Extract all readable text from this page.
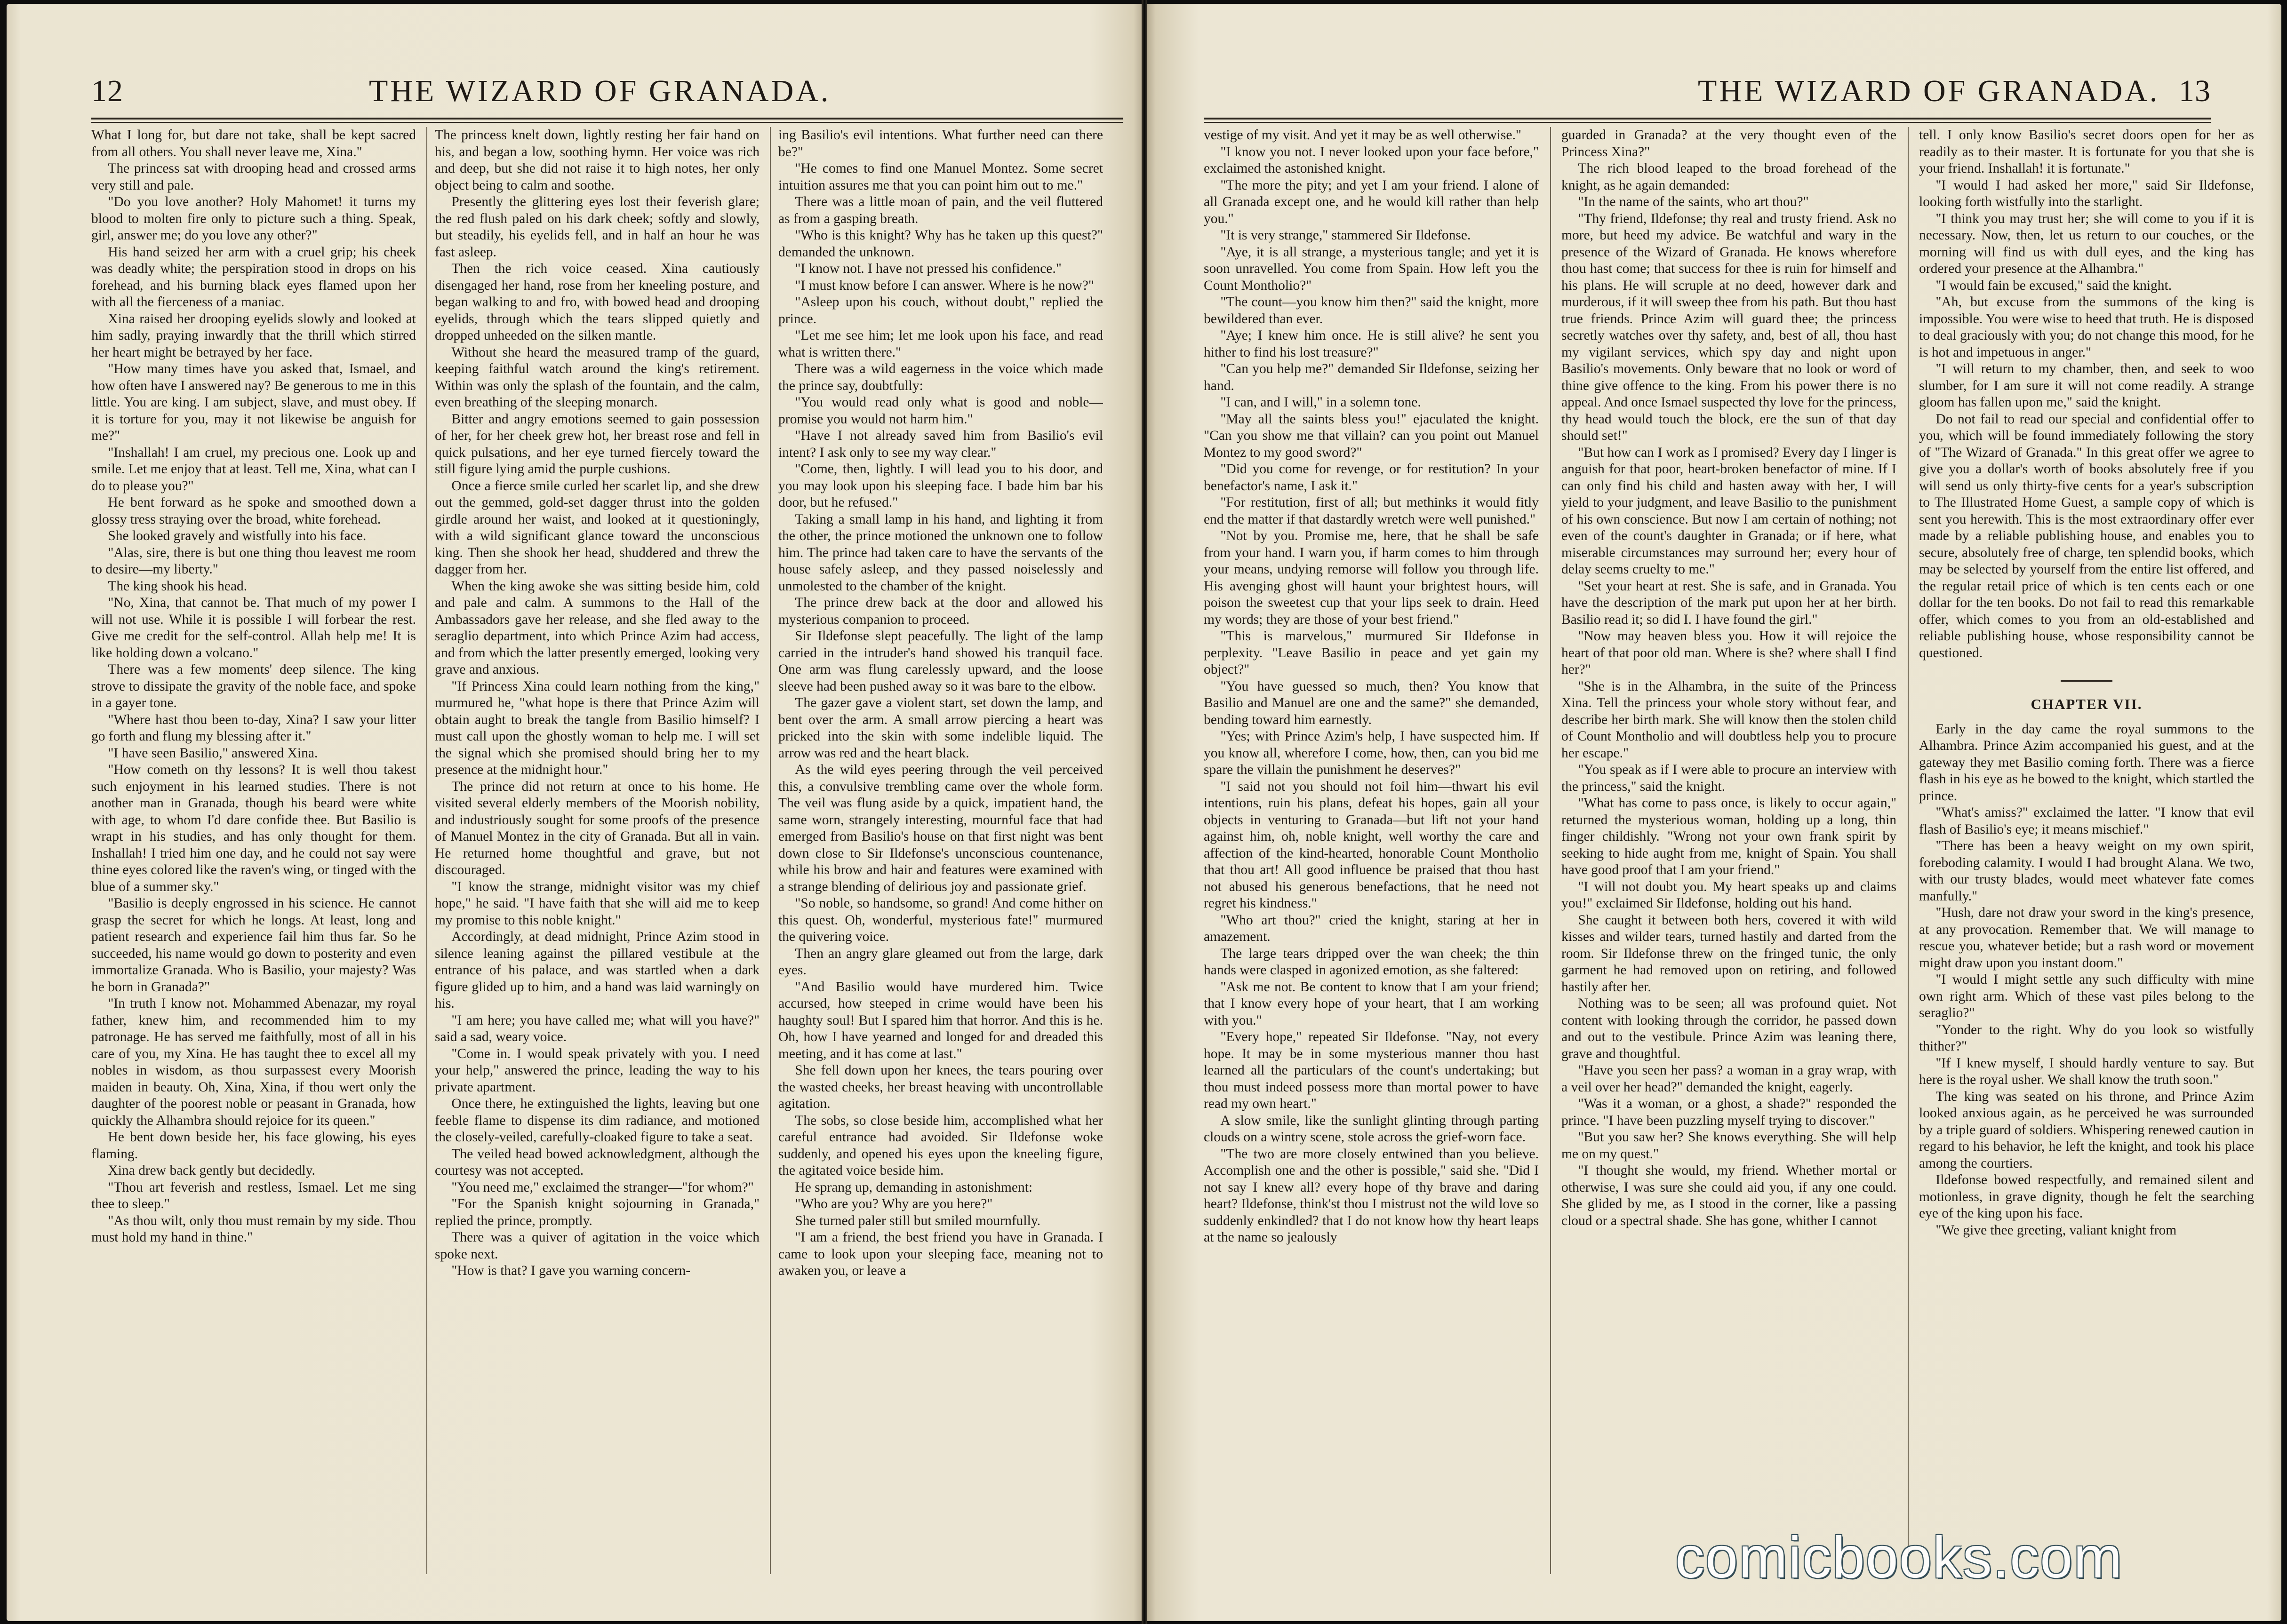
12	THE WIZARD OF GRANADA.

What I long for, but dare not take, shall be kept sacred from all others. You shall never leave me, Xina."

The princess sat with drooping head and crossed arms very still and pale.

"Do you love another? Holy Mahomet! it turns my blood to molten fire only to picture such a thing. Speak, girl, answer me; do you love any other?"

His hand seized her arm with a cruel grip; his cheek was deadly white; the perspiration stood in drops on his forehead, and his burning black eyes flamed upon her with all the fierceness of a maniac.

Xina raised her drooping eyelids slowly and looked at him sadly, praying inwardly that the thrill which stirred her heart might be betrayed by her face.

"How many times have you asked that, Ismael, and how often have I answered nay? Be generous to me in this little. You are king. I am subject, slave, and must obey. If it is torture for you, may it not likewise be anguish for me?"

"Inshallah! I am cruel, my precious one. Look up and smile. Let me enjoy that at least. Tell me, Xina, what can I do to please you?"

He bent forward as he spoke and smoothed down a glossy tress straying over the broad, white forehead.

She looked gravely and wistfully into his face.

"Alas, sire, there is but one thing thou leavest me room to desire—my liberty."

The king shook his head.

"No, Xina, that cannot be. That much of my power I will not use. While it is possible I will forbear the rest. Give me credit for the self-control. Allah help me! It is like holding down a volcano."

There was a few moments' deep silence. The king strove to dissipate the gravity of the noble face, and spoke in a gayer tone.

"Where hast thou been to-day, Xina? I saw your litter go forth and flung my blessing after it."

"I have seen Basilio," answered Xina.

"How cometh on thy lessons? It is well thou takest such enjoyment in his learned studies. There is not another man in Granada, though his beard were white with age, to whom I'd dare confide thee. But Basilio is wrapt in his studies, and has only thought for them. Inshallah! I tried him one day, and he could not say were thine eyes colored like the raven's wing, or tinged with the blue of a summer sky."

"Basilio is deeply engrossed in his science. He cannot grasp the secret for which he longs. At least, long and patient research and experience fail him thus far. So he succeeded, his name would go down to posterity and even immortalize Granada. Who is Basilio, your majesty? Was he born in Granada?"

"In truth I know not. Mohammed Abenazar, my royal father, knew him, and recommended him to my patronage. He has served me faithfully, most of all in his care of you, my Xina. He has taught thee to excel all my nobles in wisdom, as thou surpassest every Moorish maiden in beauty. Oh, Xina, Xina, if thou wert only the daughter of the poorest noble or peasant in Granada, how quickly the Alhambra should rejoice for its queen."

He bent down beside her, his face glowing, his eyes flaming.

Xina drew back gently but decidedly.

"Thou art feverish and restless, Ismael. Let me sing thee to sleep."

"As thou wilt, only thou must remain by my side. Thou must hold my hand in thine."

The princess knelt down, lightly resting her fair hand on his, and began a low, soothing hymn. Her voice was rich and deep, but she did not raise it to high notes, her only object being to calm and soothe.

Presently the glittering eyes lost their feverish glare; the red flush paled on his dark cheek; softly and slowly, but steadily, his eyelids fell, and in half an hour he was fast asleep.

Then the rich voice ceased. Xina cautiously disengaged her hand, rose from her kneeling posture, and began walking to and fro, with bowed head and drooping eyelids, through which the tears slipped quietly and dropped unheeded on the silken mantle.

Without she heard the measured tramp of the guard, keeping faithful watch around the king's retirement. Within was only the splash of the fountain, and the calm, even breathing of the sleeping monarch.

Bitter and angry emotions seemed to gain possession of her, for her cheek grew hot, her breast rose and fell in quick pulsations, and her eye turned fiercely toward the still figure lying amid the purple cushions.

Once a fierce smile curled her scarlet lip, and she drew out the gemmed, gold-set dagger thrust into the golden girdle around her waist, and looked at it questioningly, with a wild significant glance toward the unconscious king. Then she shook her head, shuddered and threw the dagger from her.

When the king awoke she was sitting beside him, cold and pale and calm. A summons to the Hall of the Ambassadors gave her release, and she fled away to the seraglio department, into which Prince Azim had access, and from which the latter presently emerged, looking very grave and anxious.

"If Princess Xina could learn nothing from the king," murmured he, "what hope is there that Prince Azim will obtain aught to break the tangle from Basilio himself? I must call upon the ghostly woman to help me. I will set the signal which she promised should bring her to my presence at the midnight hour."

The prince did not return at once to his home. He visited several elderly members of the Moorish nobility, and industriously sought for some proofs of the presence of Manuel Montez in the city of Granada. But all in vain. He returned home thoughtful and grave, but not discouraged.

"I know the strange, midnight visitor was my chief hope," he said. "I have faith that she will aid me to keep my promise to this noble knight."

Accordingly, at dead midnight, Prince Azim stood in silence leaning against the pillared vestibule at the entrance of his palace, and was startled when a dark figure glided up to him, and a hand was laid warningly on his.

"I am here; you have called me; what will you have?" said a sad, weary voice.

"Come in. I would speak privately with you. I need your help," answered the prince, leading the way to his private apartment.

Once there, he extinguished the lights, leaving but one feeble flame to dispense its dim radiance, and motioned the closely-veiled, carefully-cloaked figure to take a seat.

The veiled head bowed acknowledgment, although the courtesy was not accepted.

"You need me," exclaimed the stranger—"for whom?"

"For the Spanish knight sojourning in Granada," replied the prince, promptly.

There was a quiver of agitation in the voice which spoke next.

"How is that? I gave you warning concern-

ing Basilio's evil intentions. What further need can there be?"

"He comes to find one Manuel Montez. Some secret intuition assures me that you can point him out to me."

There was a little moan of pain, and the veil fluttered as from a gasping breath.

"Who is this knight? Why has he taken up this quest?" demanded the unknown.

"I know not. I have not pressed his confidence."

"I must know before I can answer. Where is he now?"

"Asleep upon his couch, without doubt," replied the prince.

"Let me see him; let me look upon his face, and read what is written there."

There was a wild eagerness in the voice which made the prince say, doubtfully:

"You would read only what is good and noble—promise you would not harm him."

"Have I not already saved him from Basilio's evil intent? I ask only to see my way clear."

"Come, then, lightly. I will lead you to his door, and you may look upon his sleeping face. I bade him bar his door, but he refused."

Taking a small lamp in his hand, and lighting it from the other, the prince motioned the unknown one to follow him. The prince had taken care to have the servants of the house safely asleep, and they passed noiselessly and unmolested to the chamber of the knight.

The prince drew back at the door and allowed his mysterious companion to proceed.

Sir Ildefonse slept peacefully. The light of the lamp carried in the intruder's hand showed his tranquil face. One arm was flung carelessly upward, and the loose sleeve had been pushed away so it was bare to the elbow.

The gazer gave a violent start, set down the lamp, and bent over the arm. A small arrow piercing a heart was pricked into the skin with some indelible liquid. The arrow was red and the heart black.

As the wild eyes peering through the veil perceived this, a convulsive trembling came over the whole form. The veil was flung aside by a quick, impatient hand, the same worn, strangely interesting, mournful face that had emerged from Basilio's house on that first night was bent down close to Sir Ildefonse's unconscious countenance, while his brow and hair and features were examined with a strange blending of delirious joy and passionate grief.

"So noble, so handsome, so grand! And come hither on this quest. Oh, wonderful, mysterious fate!" murmured the quivering voice.

Then an angry glare gleamed out from the large, dark eyes.

"And Basilio would have murdered him. Twice accursed, how steeped in crime would have been his haughty soul! But I spared him that horror. And this is he. Oh, how I have yearned and longed for and dreaded this meeting, and it has come at last."

She fell down upon her knees, the tears pouring over the wasted cheeks, her breast heaving with uncontrollable agitation.

The sobs, so close beside him, accomplished what her careful entrance had avoided. Sir Ildefonse woke suddenly, and opened his eyes upon the kneeling figure, the agitated voice beside him.

He sprang up, demanding in astonishment:

"Who are you? Why are you here?"

She turned paler still but smiled mournfully.

"I am a friend, the best friend you have in Granada. I came to look upon your sleeping face, meaning not to awaken you, or leave a

THE WIZARD OF GRANADA. 13

vestige of my visit. And yet it may be as well otherwise."

"I know you not. I never looked upon your face before," exclaimed the astonished knight.

"The more the pity; and yet I am your friend. I alone of all Granada except one, and he would kill rather than help you."

"It is very strange," stammered Sir Ildefonse.

"Aye, it is all strange, a mysterious tangle; and yet it is soon unravelled. You come from Spain. How left you the Count Montholio?"

"The count—you know him then?" said the knight, more bewildered than ever.

"Aye; I knew him once. He is still alive? he sent you hither to find his lost treasure?"

"Can you help me?" demanded Sir Ildefonse, seizing her hand.

"I can, and I will," in a solemn tone.

"May all the saints bless you!" ejaculated the knight. "Can you show me that villain? can you point out Manuel Montez to my good sword?"

"Did you come for revenge, or for restitution? In your benefactor's name, I ask it."

"For restitution, first of all; but methinks it would fitly end the matter if that dastardly wretch were well punished."

"Not by you. Promise me, here, that he shall be safe from your hand. I warn you, if harm comes to him through your means, undying remorse will follow you through life. His avenging ghost will haunt your brightest hours, will poison the sweetest cup that your lips seek to drain. Heed my words; they are those of your best friend."

"This is marvelous," murmured Sir Ildefonse in perplexity. "Leave Basilio in peace and yet gain my object?"

"You have guessed so much, then? You know that Basilio and Manuel are one and the same?" she demanded, bending toward him earnestly.

"Yes; with Prince Azim's help, I have suspected him. If you know all, wherefore I come, how, then, can you bid me spare the villain the punishment he deserves?"

"I said not you should not foil him—thwart his evil intentions, ruin his plans, defeat his hopes, gain all your objects in venturing to Granada—but lift not your hand against him, oh, noble knight, well worthy the care and affection of the kind-hearted, honorable Count Montholio that thou art! All good influence be praised that thou hast not abused his generous benefactions, that he need not regret his kindness."

"Who art thou?" cried the knight, staring at her in amazement.

The large tears dripped over the wan cheek; the thin hands were clasped in agonized emotion, as she faltered:

"Ask me not. Be content to know that I am your friend; that I know every hope of your heart, that I am working with you."

"Every hope," repeated Sir Ildefonse. "Nay, not every hope. It may be in some mysterious manner thou hast learned all the particulars of the count's undertaking; but thou must indeed possess more than mortal power to have read my own heart."

A slow smile, like the sunlight glinting through parting clouds on a wintry scene, stole across the grief-worn face.

"The two are more closely entwined than you believe. Accomplish one and the other is possible," said she. "Did I not say I knew all? every hope of thy brave and daring heart? Ildefonse, think'st thou I mistrust not the wild love so suddenly enkindled? that I do not know how thy heart leaps at the name so jealously

guarded in Granada? at the very thought even of the Princess Xina?"

The rich blood leaped to the broad forehead of the knight, as he again demanded:

"In the name of the saints, who art thou?"

"Thy friend, Ildefonse; thy real and trusty friend. Ask no more, but heed my advice. Be watchful and wary in the presence of the Wizard of Granada. He knows wherefore thou hast come; that success for thee is ruin for himself and his plans. He will scruple at no deed, however dark and murderous, if it will sweep thee from his path. But thou hast true friends. Prince Azim will guard thee; the princess secretly watches over thy safety, and, best of all, thou hast my vigilant services, which spy day and night upon Basilio's movements. Only beware that no look or word of thine give offence to the king. From his power there is no appeal. And once Ismael suspected thy love for the princess, thy head would touch the block, ere the sun of that day should set!"

"But how can I work as I promised? Every day I linger is anguish for that poor, heart-broken benefactor of mine. If I can only find his child and hasten away with her, I will yield to your judgment, and leave Basilio to the punishment of his own conscience. But now I am certain of nothing; not even of the count's daughter in Granada; or if here, what miserable circumstances may surround her; every hour of delay seems cruelty to me."

"Set your heart at rest. She is safe, and in Granada. You have the description of the mark put upon her at her birth. Basilio read it; so did I. I have found the girl."

"Now may heaven bless you. How it will rejoice the heart of that poor old man. Where is she? where shall I find her?"

"She is in the Alhambra, in the suite of the Princess Xina. Tell the princess your whole story without fear, and describe her birth mark. She will know then the stolen child of Count Montholio and will doubtless help you to procure her escape."

"You speak as if I were able to procure an interview with the princess," said the knight.

"What has come to pass once, is likely to occur again," returned the mysterious woman, holding up a long, thin finger childishly. "Wrong not your own frank spirit by seeking to hide aught from me, knight of Spain. You shall have good proof that I am your friend."

"I will not doubt you. My heart speaks up and claims you!" exclaimed Sir Ildefonse, holding out his hand.

She caught it between both hers, covered it with wild kisses and wilder tears, turned hastily and darted from the room. Sir Ildefonse threw on the fringed tunic, the only garment he had removed upon on retiring, and followed hastily after her.

Nothing was to be seen; all was profound quiet. Not content with looking through the corridor, he passed down and out to the vestibule. Prince Azim was leaning there, grave and thoughtful.

"Have you seen her pass? a woman in a gray wrap, with a veil over her head?" demanded the knight, eagerly.

"Was it a woman, or a ghost, a shade?" responded the prince. "I have been puzzling myself trying to discover."

"But you saw her? She knows everything. She will help me on my quest."

"I thought she would, my friend. Whether mortal or otherwise, I was sure she could aid you, if any one could. She glided by me, as I stood in the corner, like a passing cloud or a spectral shade. She has gone, whither I cannot

tell. I only know Basilio's secret doors open for her as readily as to their master. It is fortunate for you that she is your friend. Inshallah! it is fortunate."

"I would I had asked her more," said Sir Ildefonse, looking forth wistfully into the starlight.

"I think you may trust her; she will come to you if it is necessary. Now, then, let us return to our couches, or the morning will find us with dull eyes, and the king has ordered your presence at the Alhambra."

"I would fain be excused," said the knight.

"Ah, but excuse from the summons of the king is impossible. You were wise to heed that truth. He is disposed to deal graciously with you; do not change this mood, for he is hot and impetuous in anger."

"I will return to my chamber, then, and seek to woo slumber, for I am sure it will not come readily. A strange gloom has fallen upon me," said the knight.

Do not fail to read our special and confidential offer to you, which will be found immediately following the story of "The Wizard of Granada." In this great offer we agree to give you a dollar's worth of books absolutely free if you will send us only thirty-five cents for a year's subscription to The Illustrated Home Guest, a sample copy of which is sent you herewith. This is the most extraordinary offer ever made by a reliable publishing house, and enables you to secure, absolutely free of charge, ten splendid books, which may be selected by yourself from the entire list offered, and the regular retail price of which is ten cents each or one dollar for the ten books. Do not fail to read this remarkable offer, which comes to you from an old-established and reliable publishing house, whose responsibility cannot be questioned.

CHAPTER VII.

Early in the day came the royal summons to the Alhambra. Prince Azim accompanied his guest, and at the gateway they met Basilio coming forth. There was a fierce flash in his eye as he bowed to the knight, which startled the prince.

"What's amiss?" exclaimed the latter. "I know that evil flash of Basilio's eye; it means mischief."

"There has been a heavy weight on my own spirit, foreboding calamity. I would I had brought Alana. We two, with our trusty blades, would meet whatever fate comes manfully."

"Hush, dare not draw your sword in the king's presence, at any provocation. Remember that. We will manage to rescue you, whatever betide; but a rash word or movement might draw upon you instant doom."

"I would I might settle any such difficulty with mine own right arm. Which of these vast piles belong to the seraglio?"

"Yonder to the right. Why do you look so wistfully thither?"

"If I knew myself, I should hardly venture to say. But here is the royal usher. We shall know the truth soon."

The king was seated on his throne, and Prince Azim looked anxious again, as he perceived he was surrounded by a triple guard of soldiers. Whispering renewed caution in regard to his behavior, he left the knight, and took his place among the courtiers.

Ildefonse bowed respectfully, and remained silent and motionless, in grave dignity, though he felt the searching eye of the king upon his face.

"We give thee greeting, valiant knight from

comicbooks.com
